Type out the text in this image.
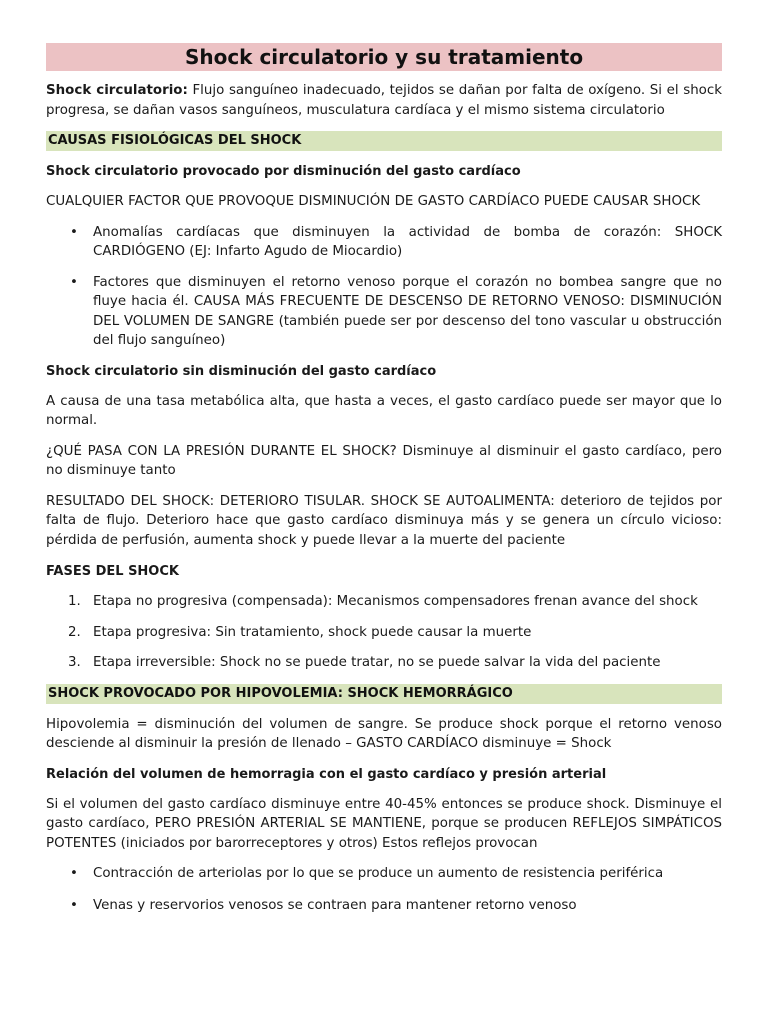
Shock circulatorio y su tratamiento

Shock circulatorio: Flujo sanguíneo inadecuado, tejidos se dañan por falta de oxígeno. Si el shock progresa, se dañan vasos sanguíneos, musculatura cardíaca y el mismo sistema circulatorio

CAUSAS FISIOLÓGICAS DEL SHOCK
Shock circulatorio provocado por disminución del gasto cardíaco

CUALQUIER FACTOR QUE PROVOQUE DISMINUCIÓN DE GASTO CARDÍACO PUEDE CAUSAR SHOCK

• Anomalías cardíacas que disminuyen la actividad de bomba de corazón: SHOCK CARDIÓGENO (EJ: Infarto Agudo de Miocardio)
• Factores que disminuyen el retorno venoso porque el corazón no bombea sangre que no fluye hacia él. CAUSA MÁS FRECUENTE DE DESCENSO DE RETORNO VENOSO: DISMINUCIÓN DEL VOLUMEN DE SANGRE (también puede ser por descenso del tono vascular u obstrucción del flujo sanguíneo)
Shock circulatorio sin disminución del gasto cardíaco

A causa de una tasa metabólica alta, que hasta a veces, el gasto cardíaco puede ser mayor que lo normal.

¿QUÉ PASA CON LA PRESIÓN DURANTE EL SHOCK? Disminuye al disminuir el gasto cardíaco, pero no disminuye tanto

RESULTADO DEL SHOCK: DETERIORO TISULAR. SHOCK SE AUTOALIMENTA: deterioro de tejidos por falta de flujo. Deterioro hace que gasto cardíaco disminuya más y se genera un círculo vicioso: pérdida de perfusión, aumenta shock y puede llevar a la muerte del paciente

FASES DEL SHOCK
1. Etapa no progresiva (compensada): Mecanismos compensadores frenan avance del shock
2. Etapa progresiva: Sin tratamiento, shock puede causar la muerte
3. Etapa irreversible: Shock no se puede tratar, no se puede salvar la vida del paciente
SHOCK PROVOCADO POR HIPOVOLEMIA: SHOCK HEMORRÁGICO

Hipovolemia = disminución del volumen de sangre. Se produce shock porque el retorno venoso desciende al disminuir la presión de llenado – GASTO CARDÍACO disminuye = Shock

Relación del volumen de hemorragia con el gasto cardíaco y presión arterial

Si el volumen del gasto cardíaco disminuye entre 40-45% entonces se produce shock. Disminuye el gasto cardíaco, PERO PRESIÓN ARTERIAL SE MANTIENE, porque se producen REFLEJOS SIMPÁTICOS POTENTES (iniciados por barorreceptores y otros) Estos reflejos provocan

• Contracción de arteriolas por lo que se produce un aumento de resistencia periférica
• Venas y reservorios venosos se contraen para mantener retorno venoso
